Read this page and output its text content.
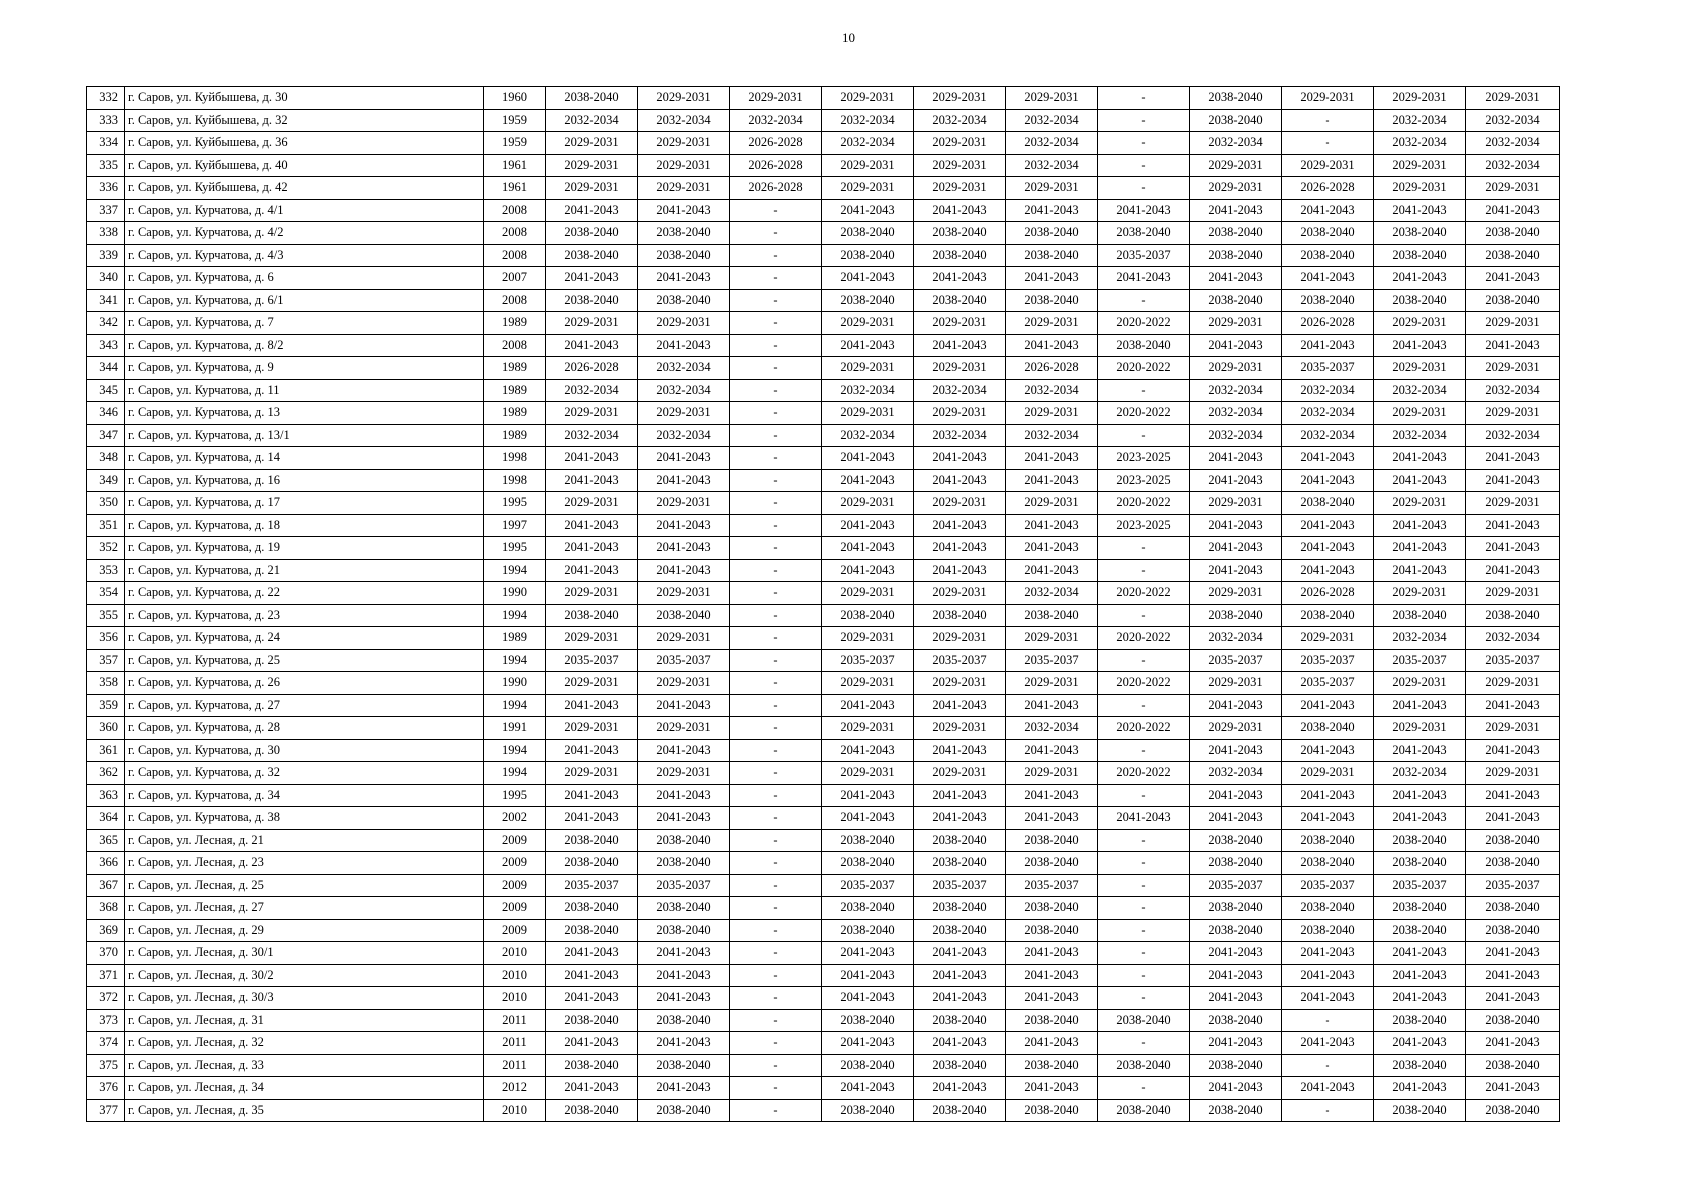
10
332	г. Саров, ул. Куйбышева, д. 30	1960	2038-2040	2029-2031	2029-2031	2029-2031	2029-2031	2029-2031	-	2038-2040	2029-2031	2029-2031	2029-2031
333	г. Саров, ул. Куйбышева, д. 32	1959	2032-2034	2032-2034	2032-2034	2032-2034	2032-2034	2032-2034	-	2038-2040	-	2032-2034	2032-2034
334	г. Саров, ул. Куйбышева, д. 36	1959	2029-2031	2029-2031	2026-2028	2032-2034	2029-2031	2032-2034	-	2032-2034	-	2032-2034	2032-2034
335	г. Саров, ул. Куйбышева, д. 40	1961	2029-2031	2029-2031	2026-2028	2029-2031	2029-2031	2032-2034	-	2029-2031	2029-2031	2029-2031	2032-2034
336	г. Саров, ул. Куйбышева, д. 42	1961	2029-2031	2029-2031	2026-2028	2029-2031	2029-2031	2029-2031	-	2029-2031	2026-2028	2029-2031	2029-2031
337	г. Саров, ул. Курчатова, д. 4/1	2008	2041-2043	2041-2043	-	2041-2043	2041-2043	2041-2043	2041-2043	2041-2043	2041-2043	2041-2043	2041-2043
338	г. Саров, ул. Курчатова, д. 4/2	2008	2038-2040	2038-2040	-	2038-2040	2038-2040	2038-2040	2038-2040	2038-2040	2038-2040	2038-2040	2038-2040
339	г. Саров, ул. Курчатова, д. 4/3	2008	2038-2040	2038-2040	-	2038-2040	2038-2040	2038-2040	2035-2037	2038-2040	2038-2040	2038-2040	2038-2040
340	г. Саров, ул. Курчатова, д. 6	2007	2041-2043	2041-2043	-	2041-2043	2041-2043	2041-2043	2041-2043	2041-2043	2041-2043	2041-2043	2041-2043
341	г. Саров, ул. Курчатова, д. 6/1	2008	2038-2040	2038-2040	-	2038-2040	2038-2040	2038-2040	-	2038-2040	2038-2040	2038-2040	2038-2040
342	г. Саров, ул. Курчатова, д. 7	1989	2029-2031	2029-2031	-	2029-2031	2029-2031	2029-2031	2020-2022	2029-2031	2026-2028	2029-2031	2029-2031
343	г. Саров, ул. Курчатова, д. 8/2	2008	2041-2043	2041-2043	-	2041-2043	2041-2043	2041-2043	2038-2040	2041-2043	2041-2043	2041-2043	2041-2043
344	г. Саров, ул. Курчатова, д. 9	1989	2026-2028	2032-2034	-	2029-2031	2029-2031	2026-2028	2020-2022	2029-2031	2035-2037	2029-2031	2029-2031
345	г. Саров, ул. Курчатова, д. 11	1989	2032-2034	2032-2034	-	2032-2034	2032-2034	2032-2034	-	2032-2034	2032-2034	2032-2034	2032-2034
346	г. Саров, ул. Курчатова, д. 13	1989	2029-2031	2029-2031	-	2029-2031	2029-2031	2029-2031	2020-2022	2032-2034	2032-2034	2029-2031	2029-2031
347	г. Саров, ул. Курчатова, д. 13/1	1989	2032-2034	2032-2034	-	2032-2034	2032-2034	2032-2034	-	2032-2034	2032-2034	2032-2034	2032-2034
348	г. Саров, ул. Курчатова, д. 14	1998	2041-2043	2041-2043	-	2041-2043	2041-2043	2041-2043	2023-2025	2041-2043	2041-2043	2041-2043	2041-2043
349	г. Саров, ул. Курчатова, д. 16	1998	2041-2043	2041-2043	-	2041-2043	2041-2043	2041-2043	2023-2025	2041-2043	2041-2043	2041-2043	2041-2043
350	г. Саров, ул. Курчатова, д. 17	1995	2029-2031	2029-2031	-	2029-2031	2029-2031	2029-2031	2020-2022	2029-2031	2038-2040	2029-2031	2029-2031
351	г. Саров, ул. Курчатова, д. 18	1997	2041-2043	2041-2043	-	2041-2043	2041-2043	2041-2043	2023-2025	2041-2043	2041-2043	2041-2043	2041-2043
352	г. Саров, ул. Курчатова, д. 19	1995	2041-2043	2041-2043	-	2041-2043	2041-2043	2041-2043	-	2041-2043	2041-2043	2041-2043	2041-2043
353	г. Саров, ул. Курчатова, д. 21	1994	2041-2043	2041-2043	-	2041-2043	2041-2043	2041-2043	-	2041-2043	2041-2043	2041-2043	2041-2043
354	г. Саров, ул. Курчатова, д. 22	1990	2029-2031	2029-2031	-	2029-2031	2029-2031	2032-2034	2020-2022	2029-2031	2026-2028	2029-2031	2029-2031
355	г. Саров, ул. Курчатова, д. 23	1994	2038-2040	2038-2040	-	2038-2040	2038-2040	2038-2040	-	2038-2040	2038-2040	2038-2040	2038-2040
356	г. Саров, ул. Курчатова, д. 24	1989	2029-2031	2029-2031	-	2029-2031	2029-2031	2029-2031	2020-2022	2032-2034	2029-2031	2032-2034	2032-2034
357	г. Саров, ул. Курчатова, д. 25	1994	2035-2037	2035-2037	-	2035-2037	2035-2037	2035-2037	-	2035-2037	2035-2037	2035-2037	2035-2037
358	г. Саров, ул. Курчатова, д. 26	1990	2029-2031	2029-2031	-	2029-2031	2029-2031	2029-2031	2020-2022	2029-2031	2035-2037	2029-2031	2029-2031
359	г. Саров, ул. Курчатова, д. 27	1994	2041-2043	2041-2043	-	2041-2043	2041-2043	2041-2043	-	2041-2043	2041-2043	2041-2043	2041-2043
360	г. Саров, ул. Курчатова, д. 28	1991	2029-2031	2029-2031	-	2029-2031	2029-2031	2032-2034	2020-2022	2029-2031	2038-2040	2029-2031	2029-2031
361	г. Саров, ул. Курчатова, д. 30	1994	2041-2043	2041-2043	-	2041-2043	2041-2043	2041-2043	-	2041-2043	2041-2043	2041-2043	2041-2043
362	г. Саров, ул. Курчатова, д. 32	1994	2029-2031	2029-2031	-	2029-2031	2029-2031	2029-2031	2020-2022	2032-2034	2029-2031	2032-2034	2029-2031
363	г. Саров, ул. Курчатова, д. 34	1995	2041-2043	2041-2043	-	2041-2043	2041-2043	2041-2043	-	2041-2043	2041-2043	2041-2043	2041-2043
364	г. Саров, ул. Курчатова, д. 38	2002	2041-2043	2041-2043	-	2041-2043	2041-2043	2041-2043	2041-2043	2041-2043	2041-2043	2041-2043	2041-2043
365	г. Саров, ул. Лесная, д. 21	2009	2038-2040	2038-2040	-	2038-2040	2038-2040	2038-2040	-	2038-2040	2038-2040	2038-2040	2038-2040
366	г. Саров, ул. Лесная, д. 23	2009	2038-2040	2038-2040	-	2038-2040	2038-2040	2038-2040	-	2038-2040	2038-2040	2038-2040	2038-2040
367	г. Саров, ул. Лесная, д. 25	2009	2035-2037	2035-2037	-	2035-2037	2035-2037	2035-2037	-	2035-2037	2035-2037	2035-2037	2035-2037
368	г. Саров, ул. Лесная, д. 27	2009	2038-2040	2038-2040	-	2038-2040	2038-2040	2038-2040	-	2038-2040	2038-2040	2038-2040	2038-2040
369	г. Саров, ул. Лесная, д. 29	2009	2038-2040	2038-2040	-	2038-2040	2038-2040	2038-2040	-	2038-2040	2038-2040	2038-2040	2038-2040
370	г. Саров, ул. Лесная, д. 30/1	2010	2041-2043	2041-2043	-	2041-2043	2041-2043	2041-2043	-	2041-2043	2041-2043	2041-2043	2041-2043
371	г. Саров, ул. Лесная, д. 30/2	2010	2041-2043	2041-2043	-	2041-2043	2041-2043	2041-2043	-	2041-2043	2041-2043	2041-2043	2041-2043
372	г. Саров, ул. Лесная, д. 30/3	2010	2041-2043	2041-2043	-	2041-2043	2041-2043	2041-2043	-	2041-2043	2041-2043	2041-2043	2041-2043
373	г. Саров, ул. Лесная, д. 31	2011	2038-2040	2038-2040	-	2038-2040	2038-2040	2038-2040	2038-2040	2038-2040	-	2038-2040	2038-2040
374	г. Саров, ул. Лесная, д. 32	2011	2041-2043	2041-2043	-	2041-2043	2041-2043	2041-2043	-	2041-2043	2041-2043	2041-2043	2041-2043
375	г. Саров, ул. Лесная, д. 33	2011	2038-2040	2038-2040	-	2038-2040	2038-2040	2038-2040	2038-2040	2038-2040	-	2038-2040	2038-2040
376	г. Саров, ул. Лесная, д. 34	2012	2041-2043	2041-2043	-	2041-2043	2041-2043	2041-2043	-	2041-2043	2041-2043	2041-2043	2041-2043
377	г. Саров, ул. Лесная, д. 35	2010	2038-2040	2038-2040	-	2038-2040	2038-2040	2038-2040	2038-2040	2038-2040	-	2038-2040	2038-2040
